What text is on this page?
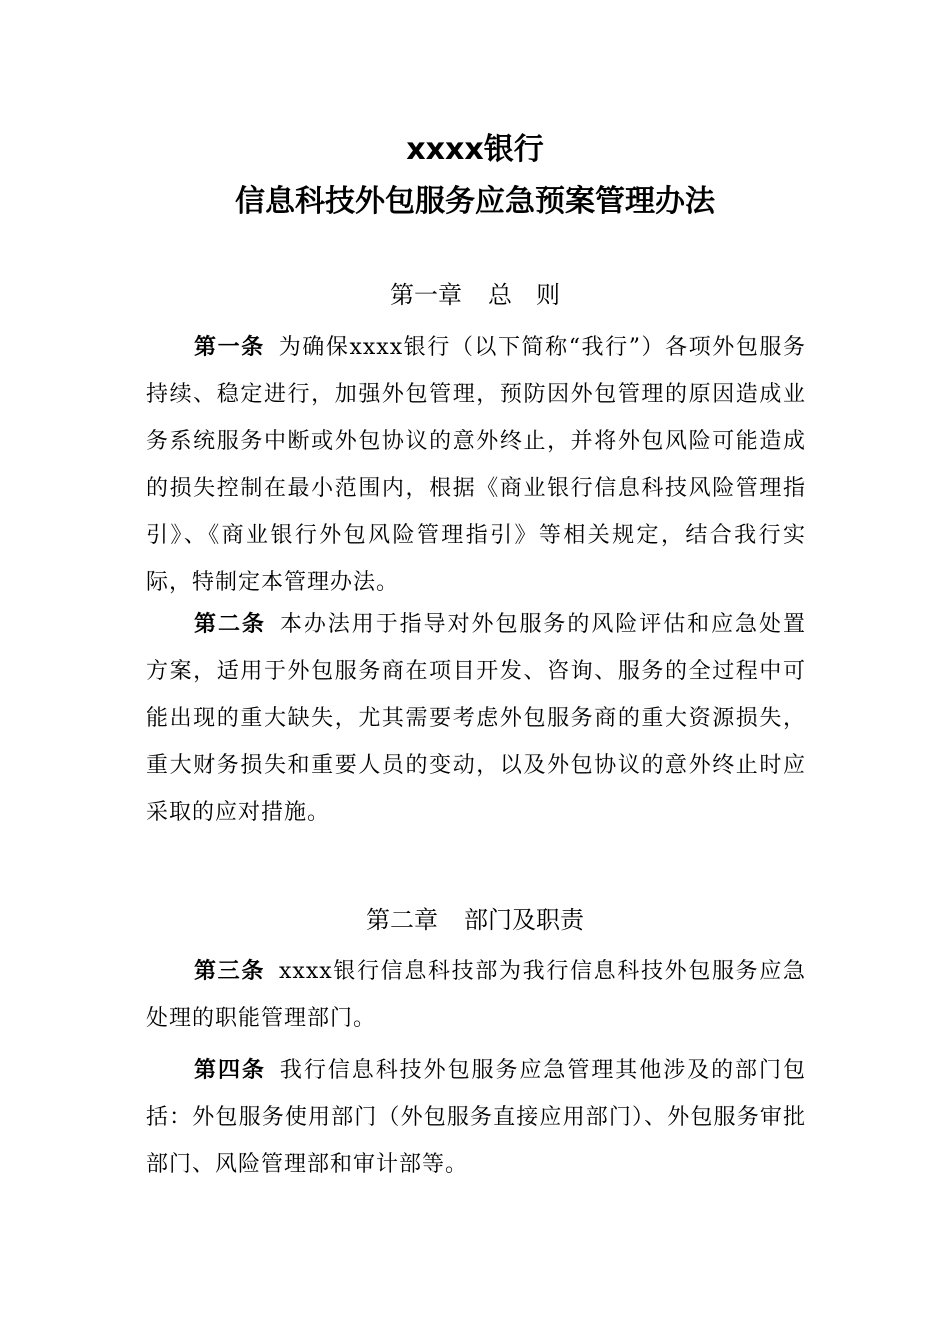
xxxx银行
信息科技外包服务应急预案管理办法
第一章 总　则
第一条 为确保xxxx银行（以下简称“我行”）各项外包服务持续、稳定进行，加强外包管理，预防因外包管理的原因造成业务系统服务中断或外包协议的意外终止，并将外包风险可能造成的损失控制在最小范围内，根据《商业银行信息科技风险管理指引》、《商业银行外包风险管理指引》等相关规定，结合我行实际，特制定本管理办法。
第二条 本办法用于指导对外包服务的风险评估和应急处置方案，适用于外包服务商在项目开发、咨询、服务的全过程中可能出现的重大缺失，尤其需要考虑外包服务商的重大资源损失，重大财务损失和重要人员的变动，以及外包协议的意外终止时应采取的应对措施。
第二章 部门及职责
第三条 xxxx银行信息科技部为我行信息科技外包服务应急处理的职能管理部门。
第四条 我行信息科技外包服务应急管理其他涉及的部门包括：外包服务使用部门（外包服务直接应用部门）、外包服务审批部门、风险管理部和审计部等。
